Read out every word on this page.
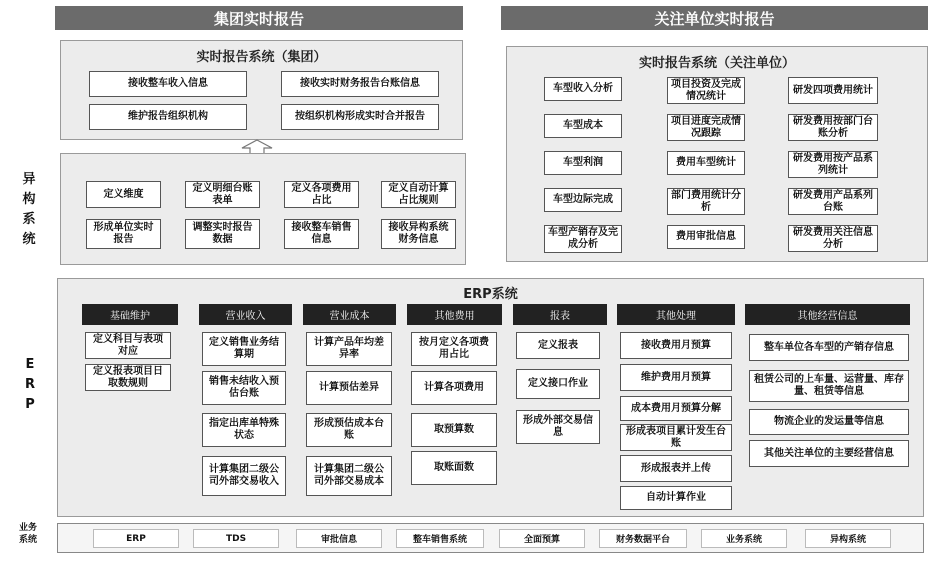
集团实时报告	关注单位实时报告
异构系统
E
R
P
业务
系统
实时报告系统（集团）
接收整车收入信息	接收实时财务报告台账信息
维护报告组织机构	按组织机构形成实时合并报告
定义维度
定义明细台账表单
定义各项费用占比
定义自动计算占比规则
形成单位实时报告
调整实时报告数据
接收整车销售信息
接收异构系统财务信息
实时报告系统（关注单位）
车型收入分析
车型成本
车型利润
车型边际完成
车型产销存及完成分析
项目投资及完成情况统计
项目进度完成情况跟踪
费用车型统计
部门费用统计分析
费用审批信息
研发四项费用统计
研发费用按部门台账分析
研发费用按产品系列统计
研发费用产品系列台账
研发费用关注信息分析
ERP系统
基础维护	营业收入	营业成本	其他费用	报表	其他处理	其他经营信息
定义科目与表项对应
定义报表项目日取数规则
定义销售业务结算期
销售未结收入预估台账
指定出库单特殊状态
计算集团二级公司外部交易收入
计算产品年均差异率
计算预估差异
形成预估成本台账
计算集团二级公司外部交易成本
按月定义各项费用占比
计算各项费用
取预算数
取账面数
定义报表
定义接口作业
形成外部交易信息
接收费用月预算
维护费用月预算
成本费用月预算分解
形成表项目累计发生台账
形成报表并上传
自动计算作业
整车单位各车型的产销存信息
租赁公司的上车量、运营量、库存量、租赁等信息
物流企业的发运量等信息
其他关注单位的主要经营信息
ERP	TDS	审批信息	整车销售系统	全面预算	财务数据平台	业务系统	异构系统
